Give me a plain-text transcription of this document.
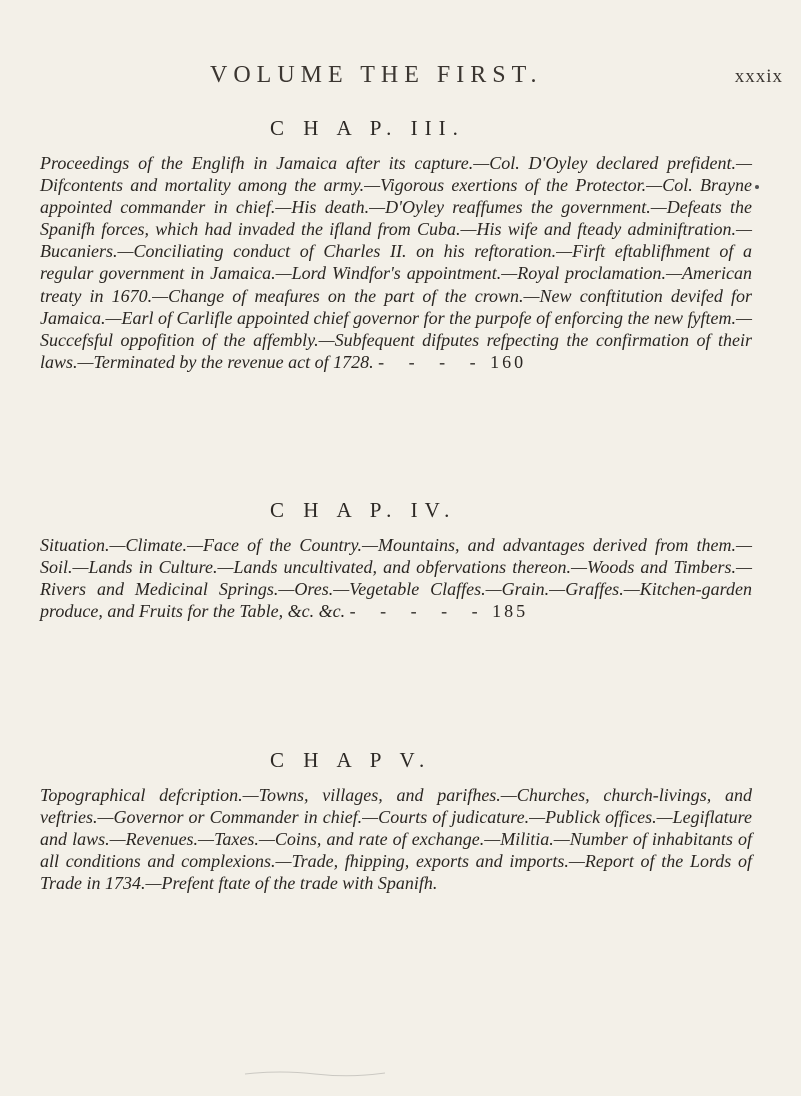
VOLUME THE FIRST.	xxxix
C H A P. III.
Proceedings of the Englifh in Jamaica after its capture.—Col. D'Oyley declared prefident.—Difcontents and mortality among the army.—Vigorous exertions of the Protector.—Col. Brayne appointed commander in chief.—His death.—D'Oyley reaffumes the government.—Defeats the Spanifh forces, which had invaded the ifland from Cuba.—His wife and fteady adminiftration.—Bucaniers.—Conciliating conduct of Charles II. on his reftoration.—Firft eftablifhment of a regular government in Jamaica.—Lord Windfor's appointment.—Royal proclamation.—American treaty in 1670.—Change of meafures on the part of the crown.—New conftitution devifed for Jamaica.—Earl of Carlifle appointed chief governor for the purpofe of enforcing the new fyftem.—Succefsful oppofition of the affembly.—Subfequent difputes refpecting the confirmation of their laws.—Terminated by the revenue act of 1728. - - - - 160
C H A P. IV.
Situation.—Climate.—Face of the Country.—Mountains, and advantages derived from them.—Soil.—Lands in Culture.—Lands uncultivated, and obfervations thereon.—Woods and Timbers.—Rivers and Medicinal Springs.—Ores.—Vegetable Claffes.—Grain.—Graffes.—Kitchen-garden produce, and Fruits for the Table, &c. &c. - - - - - 185
C H A P V.
Topographical defcription.—Towns, villages, and parifhes.—Churches, church-livings, and veftries.—Governor or Commander in chief.—Courts of judicature.—Publick offices.—Legiflature and laws.—Revenues.—Taxes.—Coins, and rate of exchange.—Militia.—Number of inhabitants of all conditions and complexions.—Trade, fhipping, exports and imports.—Report of the Lords of Trade in 1734.—Prefent ftate of the trade with Spanifh.
